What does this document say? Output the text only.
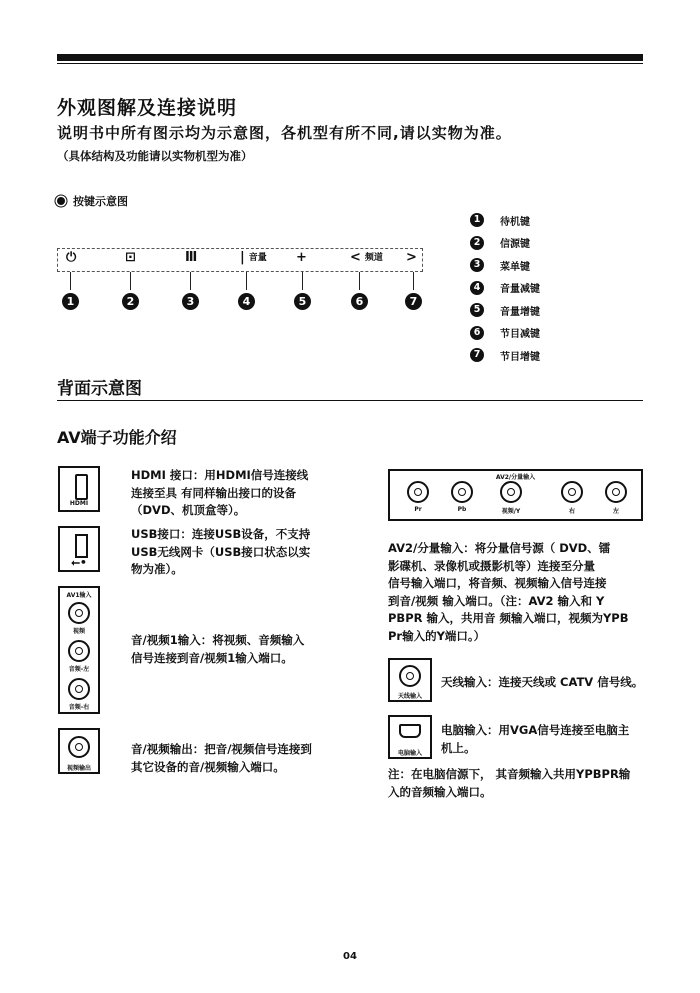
外观图解及连接说明
说明书中所有图示均为示意图，各机型有所不同,请以实物为准。
（具体结构及功能请以实物机型为准）
按键示意图
⏻	⊡	Ⅲ	| 音量 +	< 频道 >
1	2	3	4	5	6	7
1	待机键
2	信源键
3	菜单键
4	音量减键
5	音量增键
6	节目减键
7	节目增键
背面示意图
AV端子功能介绍
HDMI
HDMI 接口：用HDMI信号连接线
连接至具 有同样输出接口的设备
（DVD、机顶盒等）。
⭠•
USB接口：连接USB设备，不支持
USB无线网卡（USB接口状态以实
物为准）。
AV1输入
视频
音频-左
音频-右
音/视频1输入：将视频、音频输入
信号连接到音/视频1输入端口。
视频输出
音/视频输出：把音/视频信号连接到
其它设备的音/视频输入端口。
AV2/分量输入
Pr	Pb	视频/Y	右	左
AV2/分量输入：将分量信号源（ DVD、镭
影碟机、录像机或摄影机等）连接至分量
信号输入端口，将音频、视频输入信号连接
到音/视频 输入端口。（注：AV2 输入和 Y
PBPR 输入，共用音 频输入端口，视频为YPB
Pr输入的Y端口。）
天线输入
天线输入：连接天线或 CATV 信号线。
电脑输入
电脑输入：用VGA信号连接至电脑主
机上。
注：在电脑信源下， 其音频输入共用YPBPR输
入的音频输入端口。
04
